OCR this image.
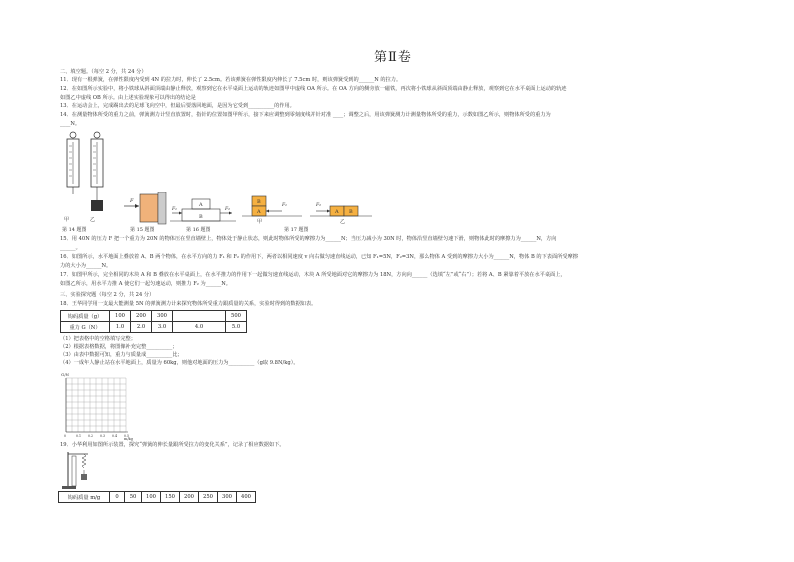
第Ⅱ卷
二、填空题。（每空 2 分，共 24 分）
11．现有一根弹簧，在弹性限度内受到 4N 的拉力时，伸长了 2.5cm。若该弹簧在弹性限度内伸长了 7.5cm 时，则该弹簧受到的______N 的拉力。
12．在如图所示实验中，将小铁球从斜面顶端由静止释放，观察到它在水平桌面上运动的轨迹如图甲中虚线 OA 所示。在 OA 方向的侧旁放一磁铁，再次将小铁球从斜面顶端由静止释放，观察到它在水平桌面上运动的轨迹
如图乙中虚线 OB 所示。由上述实验现象可以得出的结论是
13．在运动会上，完成踢出去的足球飞向空中，但最后要落回地面，是因为它受到__________的作用。
14．在测量物体所受的重力之前，弹簧测力计竖直放置时，指针的位置如图甲所示，接下来应调整到零刻度线并针对准 ____；调整之后，用该弹簧测力计测量物体所受的重力，示数如图乙所示，则物体所受的重力为
____N。
甲	乙
第 14 题图
F
第 15 题图
A
B
F₁	F₂
第 16 题图
B
A
F₁
A B
F₂
甲	乙
第 17 题图
15．用 40N 的压力 F 把一个重力为 20N 的物体压在竖直墙壁上，物体处于静止状态，则此时物体所受的摩擦力为______N；当压力减小为 30N 时，物体沿竖直墙壁匀速下滑，则物体此时的摩擦力为______N，方向
______。
16．如图所示，水平地面上叠放着 A、B 两个物体，在水平方向的力 F₁ 和 F₂ 的作用下，两者以相同速度 v 向右做匀速直线运动，已知 F₁=5N，F₂=3N，那么物体 A 受到的摩擦力大小为______N，物体 B 的下表面所受摩擦
力的大小为______N。
17．如图甲所示，完全相同的木块 A 和 B 叠放在水平桌面上，在水平推力的作用下一起做匀速直线运动，木块 A 所受地面对它的摩擦力为 18N，方向向______（选填“左”或“右”）；若将 A、B 紧靠着平放在水平桌面上，
如图乙所示，用水平力推 A 使它们一起匀速运动，则推力 F₂ 为______N。
三、实验探究题（每空 2 分，共 24 分）
18．王华同学用一支最大能测量 5N 的弹簧测力计来探究物体所受重力跟质量的关系，实验时得到的数据如表。
钩码质量（g）	100	200	300		500
重力 G（N）	1.0	2.0	3.0	4.0	5.0
（1）把表格中的空格填写完整；
（2）根据表格数据，将图像补充完整__________；
（3）由表中数据可知，重力与质量成__________比；
（4）一成年人静止站在水平地面上，质量为 60kg，则他对地面的压力为__________（g取 9.8N/kg）。
G/N
0	0.1 0.2 0.3 0.4 0.5
m/kg
19．小华利用如图所示装置，探究“弹簧的伸长量跟所受拉力的变化关系”，记录了相应数据如下。
钩码质量 m/g	0	50	100	150	200	250	300	400
